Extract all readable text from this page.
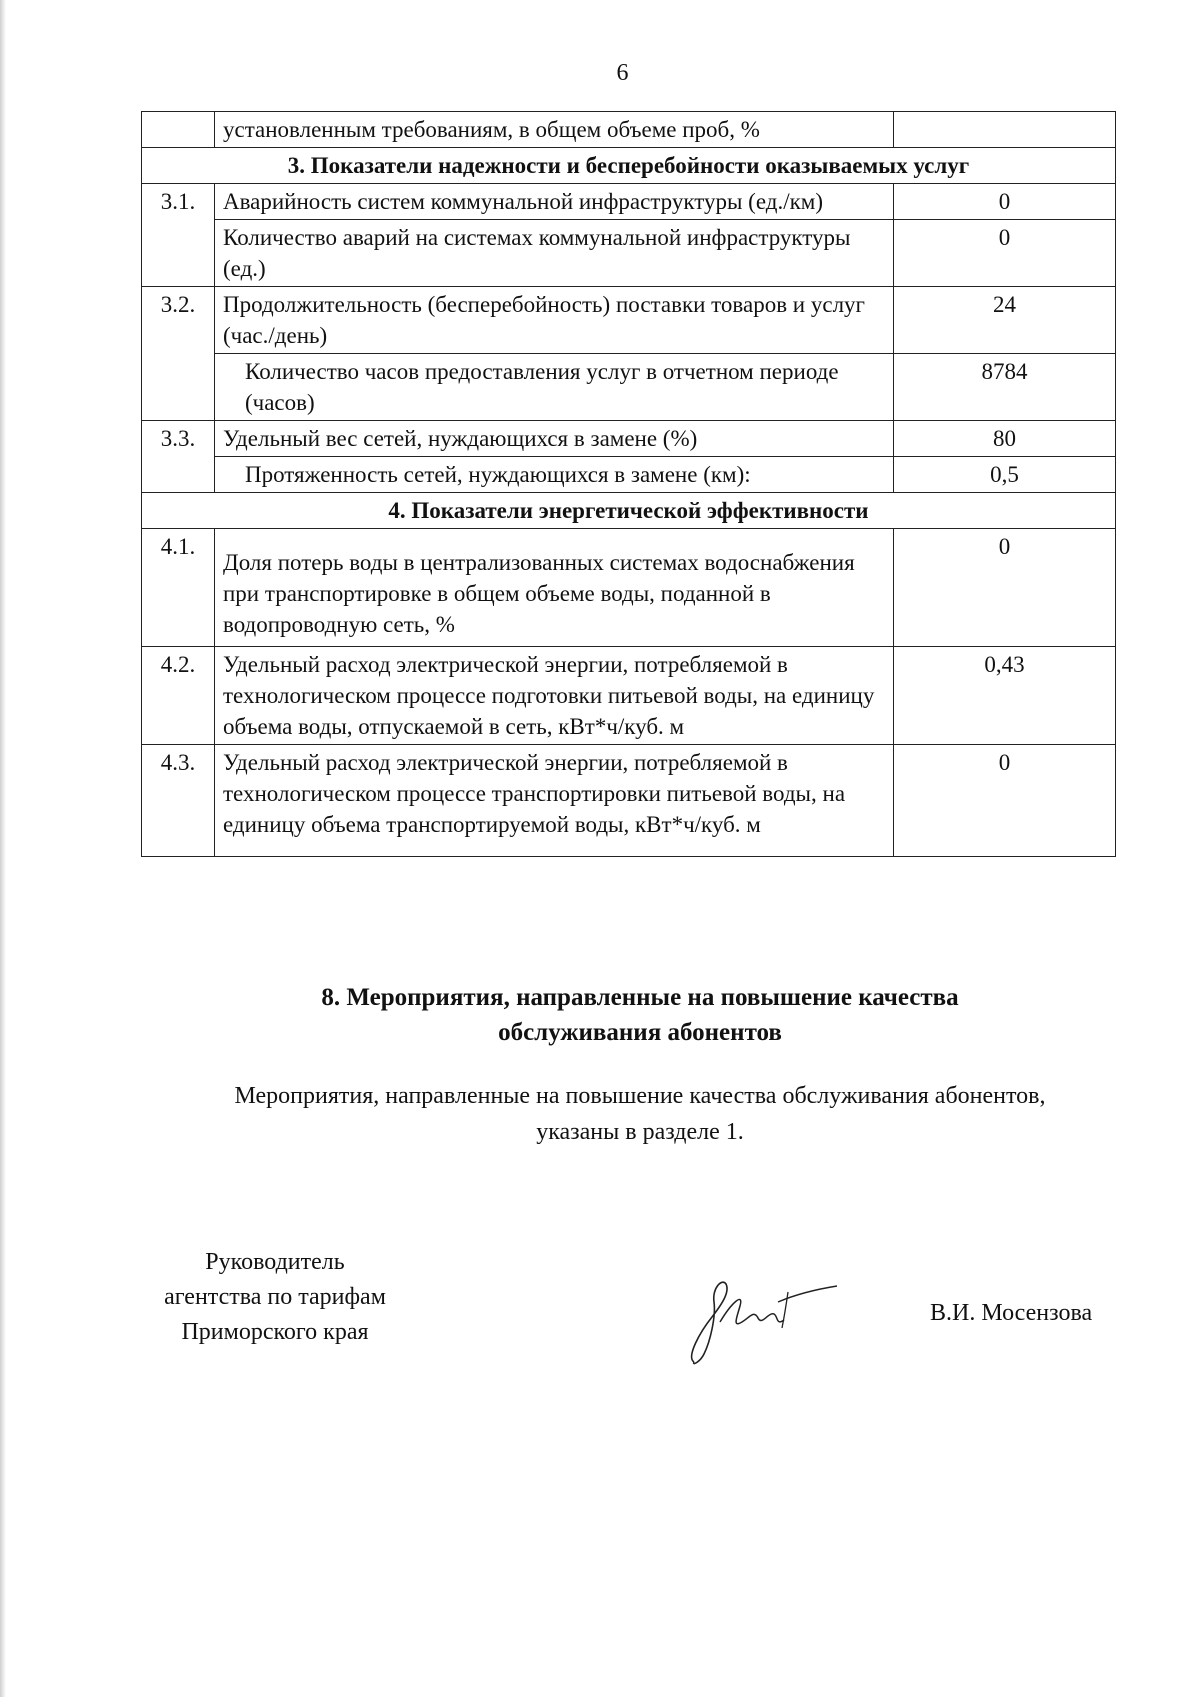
6
	установленным требованиям, в общем объеме проб, %	
3. Показатели надежности и бесперебойности оказываемых услуг		
3.1.	Аварийность систем коммунальной инфраструктуры (ед./км)	0
	Количество аварий на системах коммунальной инфраструктуры (ед.)	0
3.2.	Продолжительность (бесперебойность) поставки товаров и услуг (час./день)	24
	Количество часов предоставления услуг в отчетном периоде (часов)	8784
3.3.	Удельный вес сетей, нуждающихся в замене (%)	80
	Протяженность сетей, нуждающихся в замене (км):	0,5
4. Показатели энергетической эффективности		
4.1.	Доля потерь воды в централизованных системах водоснабжения при транспортировке в общем объеме воды, поданной в водопроводную сеть, %	0
4.2.	Удельный расход электрической энергии, потребляемой в технологическом процессе подготовки питьевой воды, на единицу объема воды, отпускаемой в сеть, кВт*ч/куб. м	0,43
4.3.	Удельный расход электрической энергии, потребляемой в технологическом процессе транспортировки питьевой воды, на единицу объема транспортируемой воды, кВт*ч/куб. м	0
8. Мероприятия, направленные на повышение качества
обслуживания абонентов
Мероприятия, направленные на повышение качества обслуживания абонентов,
указаны в разделе 1.
Руководитель
агентства по тарифам
Приморского края
В.И. Мосензова
